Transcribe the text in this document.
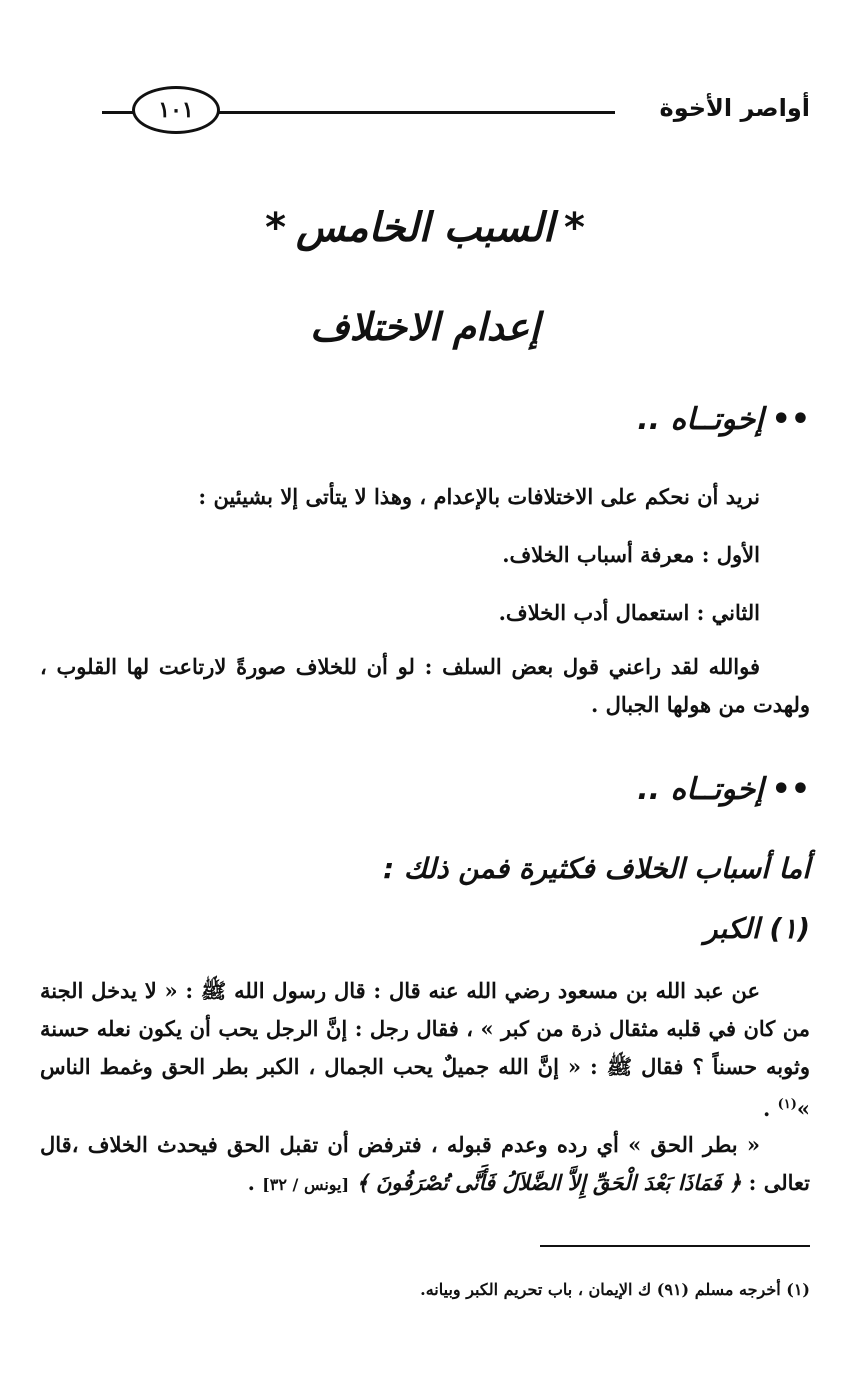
أواصر الأخوة
١٠١
*السبب الخامس*
إعدام الاختلاف
••إخوتــاه ..
نريد أن نحكم على الاختلافات بالإعدام ، وهذا لا يتأتى إلا بشيئين :
الأول : معرفة أسباب الخلاف.
الثاني : استعمال أدب الخلاف.
فوالله لقد راعني قول بعض السلف : لو أن للخلاف صورةً لارتاعت لها القلوب ، ولهدت من هولها الجبال .
••إخوتــاه ..
أما أسباب الخلاف فكثيرة فمن ذلك :
(١) الكبر
عن عبد الله بن مسعود رضي الله عنه قال : قال رسول الله ﷺ : « لا يدخل الجنة من كان في قلبه مثقال ذرة من كبر » ، فقال رجل : إنَّ الرجل يحب أن يكون نعله حسنة وثوبه حسناً ؟ فقال ﷺ : « إنَّ الله جميلٌ يحب الجمال ، الكبر بطر الحق وغمط الناس »$^{(١)}$ .
« بطر الحق » أي رده وعدم قبوله ، فترفض أن تقبل الحق فيحدث الخلاف ،قال تعالى : ﴿ فَمَاذَا بَعْدَ الْحَقِّ إِلاَّ الضَّلاَلُ فَأَنَّى تُصْرَفُونَ ﴾ [يونس / ٣٢] .
(١) أخرجه مسلم (٩١) ك الإيمان ، باب تحريم الكبر وبيانه.
